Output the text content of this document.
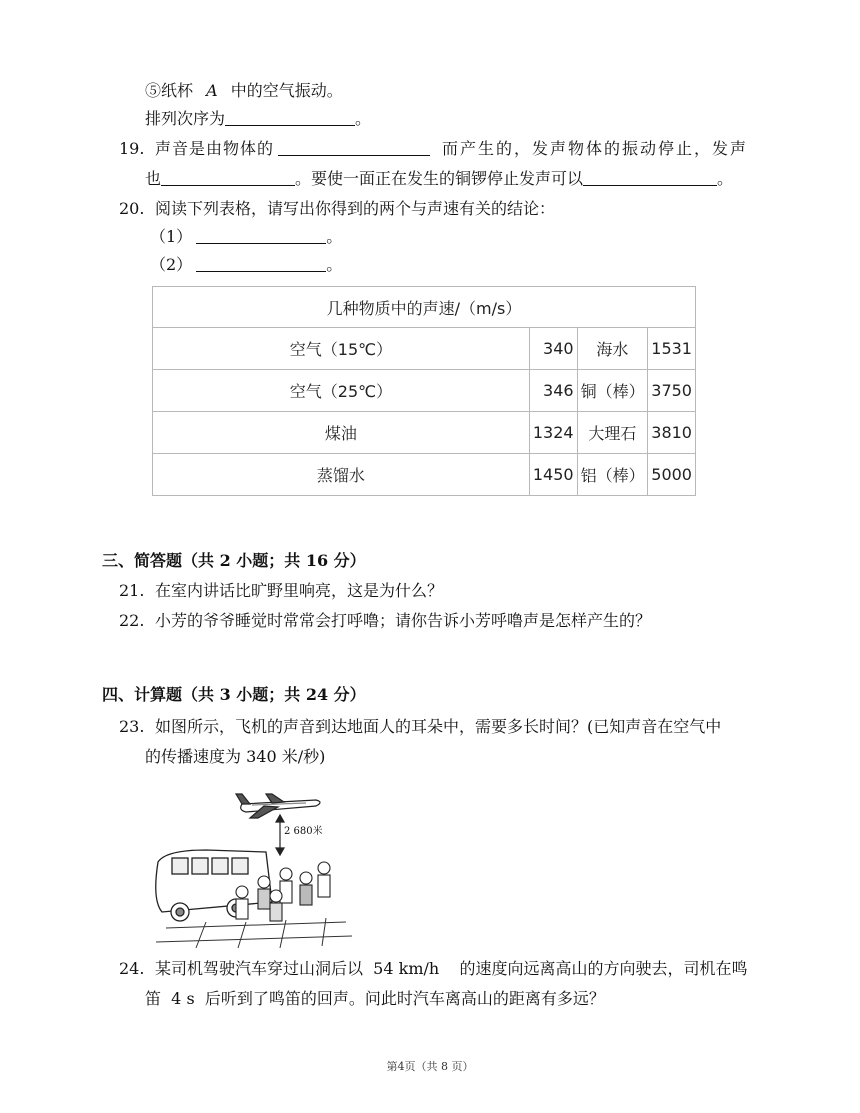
⑤纸杯 A 中的空气振动。
排列次序为	。
19. 声音是由物体的	而产生的，发声物体的振动停止，发声
也	。要使一面正在发生的铜锣停止发声可以	。
20. 阅读下列表格，请写出你得到的两个与声速有关的结论：
（1）	。
（2）	。
几种物质中的声速/（m/s）			
空气（15℃）	340	海水	1531
空气（25℃）	346	铜（棒）	3750
煤油	1324	大理石	3810
蒸馏水	1450	铝（棒）	5000
三、简答题（共 2 小题；共 16 分）
21. 在室内讲话比旷野里响亮，这是为什么？
22. 小芳的爷爷睡觉时常常会打呼噜；请你告诉小芳呼噜声是怎样产生的？
四、计算题（共 3 小题；共 24 分）
23. 如图所示，飞机的声音到达地面人的耳朵中，需要多长时间？(已知声音在空气中
的传播速度为 340 米/秒)
2 680米
24. 某司机驾驶汽车穿过山洞后以  54 km/h    的速度向远离高山的方向驶去，司机在鸣
笛  4 s  后听到了鸣笛的回声。问此时汽车离高山的距离有多远？
第4页（共 8 页）
